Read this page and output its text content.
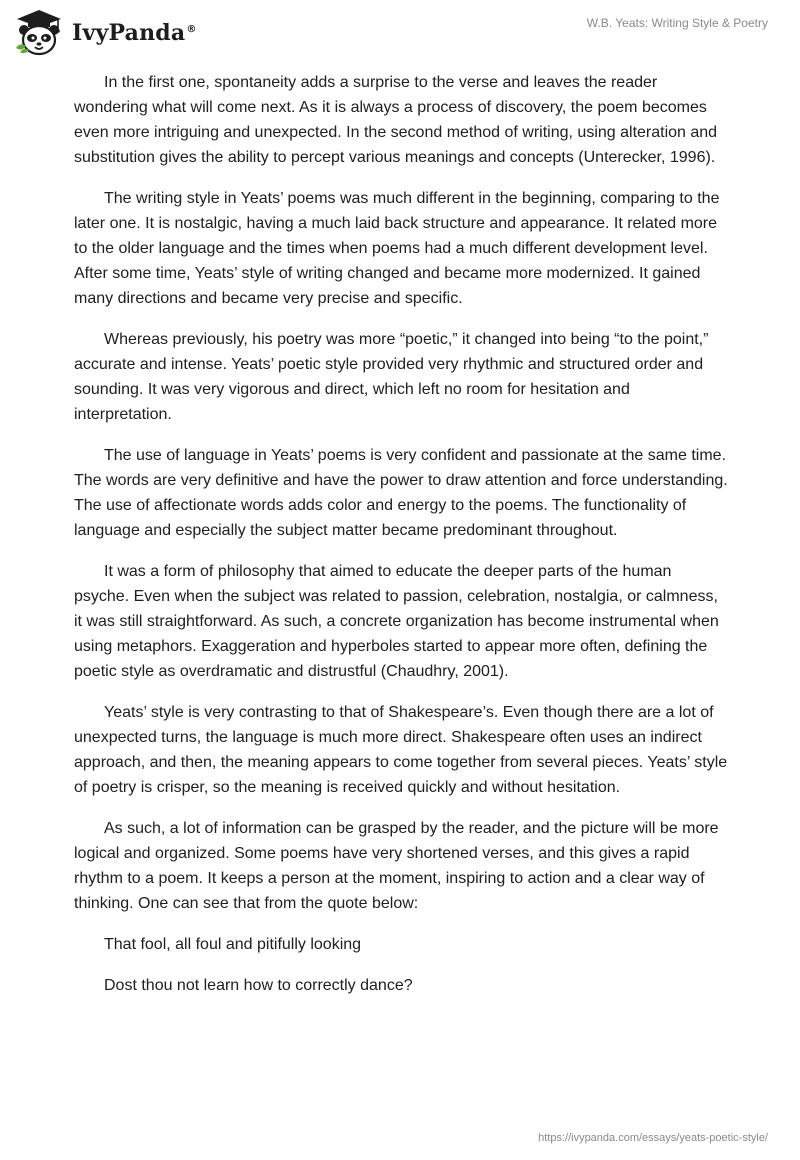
IvyPanda®	W.B. Yeats: Writing Style & Poetry

In the first one, spontaneity adds a surprise to the verse and leaves the reader wondering what will come next. As it is always a process of discovery, the poem becomes even more intriguing and unexpected. In the second method of writing, using alteration and substitution gives the ability to percept various meanings and concepts (Unterecker, 1996).

The writing style in Yeats’ poems was much different in the beginning, comparing to the later one. It is nostalgic, having a much laid back structure and appearance. It related more to the older language and the times when poems had a much different development level. After some time, Yeats’ style of writing changed and became more modernized. It gained many directions and became very precise and specific.

Whereas previously, his poetry was more “poetic,” it changed into being “to the point,” accurate and intense. Yeats’ poetic style provided very rhythmic and structured order and sounding. It was very vigorous and direct, which left no room for hesitation and interpretation.

The use of language in Yeats’ poems is very confident and passionate at the same time. The words are very definitive and have the power to draw attention and force understanding. The use of affectionate words adds color and energy to the poems. The functionality of language and especially the subject matter became predominant throughout.

It was a form of philosophy that aimed to educate the deeper parts of the human psyche. Even when the subject was related to passion, celebration, nostalgia, or calmness, it was still straightforward. As such, a concrete organization has become instrumental when using metaphors. Exaggeration and hyperboles started to appear more often, defining the poetic style as overdramatic and distrustful (Chaudhry, 2001).

Yeats’ style is very contrasting to that of Shakespeare’s. Even though there are a lot of unexpected turns, the language is much more direct. Shakespeare often uses an indirect approach, and then, the meaning appears to come together from several pieces. Yeats’ style of poetry is crisper, so the meaning is received quickly and without hesitation.

As such, a lot of information can be grasped by the reader, and the picture will be more logical and organized. Some poems have very shortened verses, and this gives a rapid rhythm to a poem. It keeps a person at the moment, inspiring to action and a clear way of thinking. One can see that from the quote below:

That fool, all foul and pitifully looking

Dost thou not learn how to correctly dance?

https://ivypanda.com/essays/yeats-poetic-style/
